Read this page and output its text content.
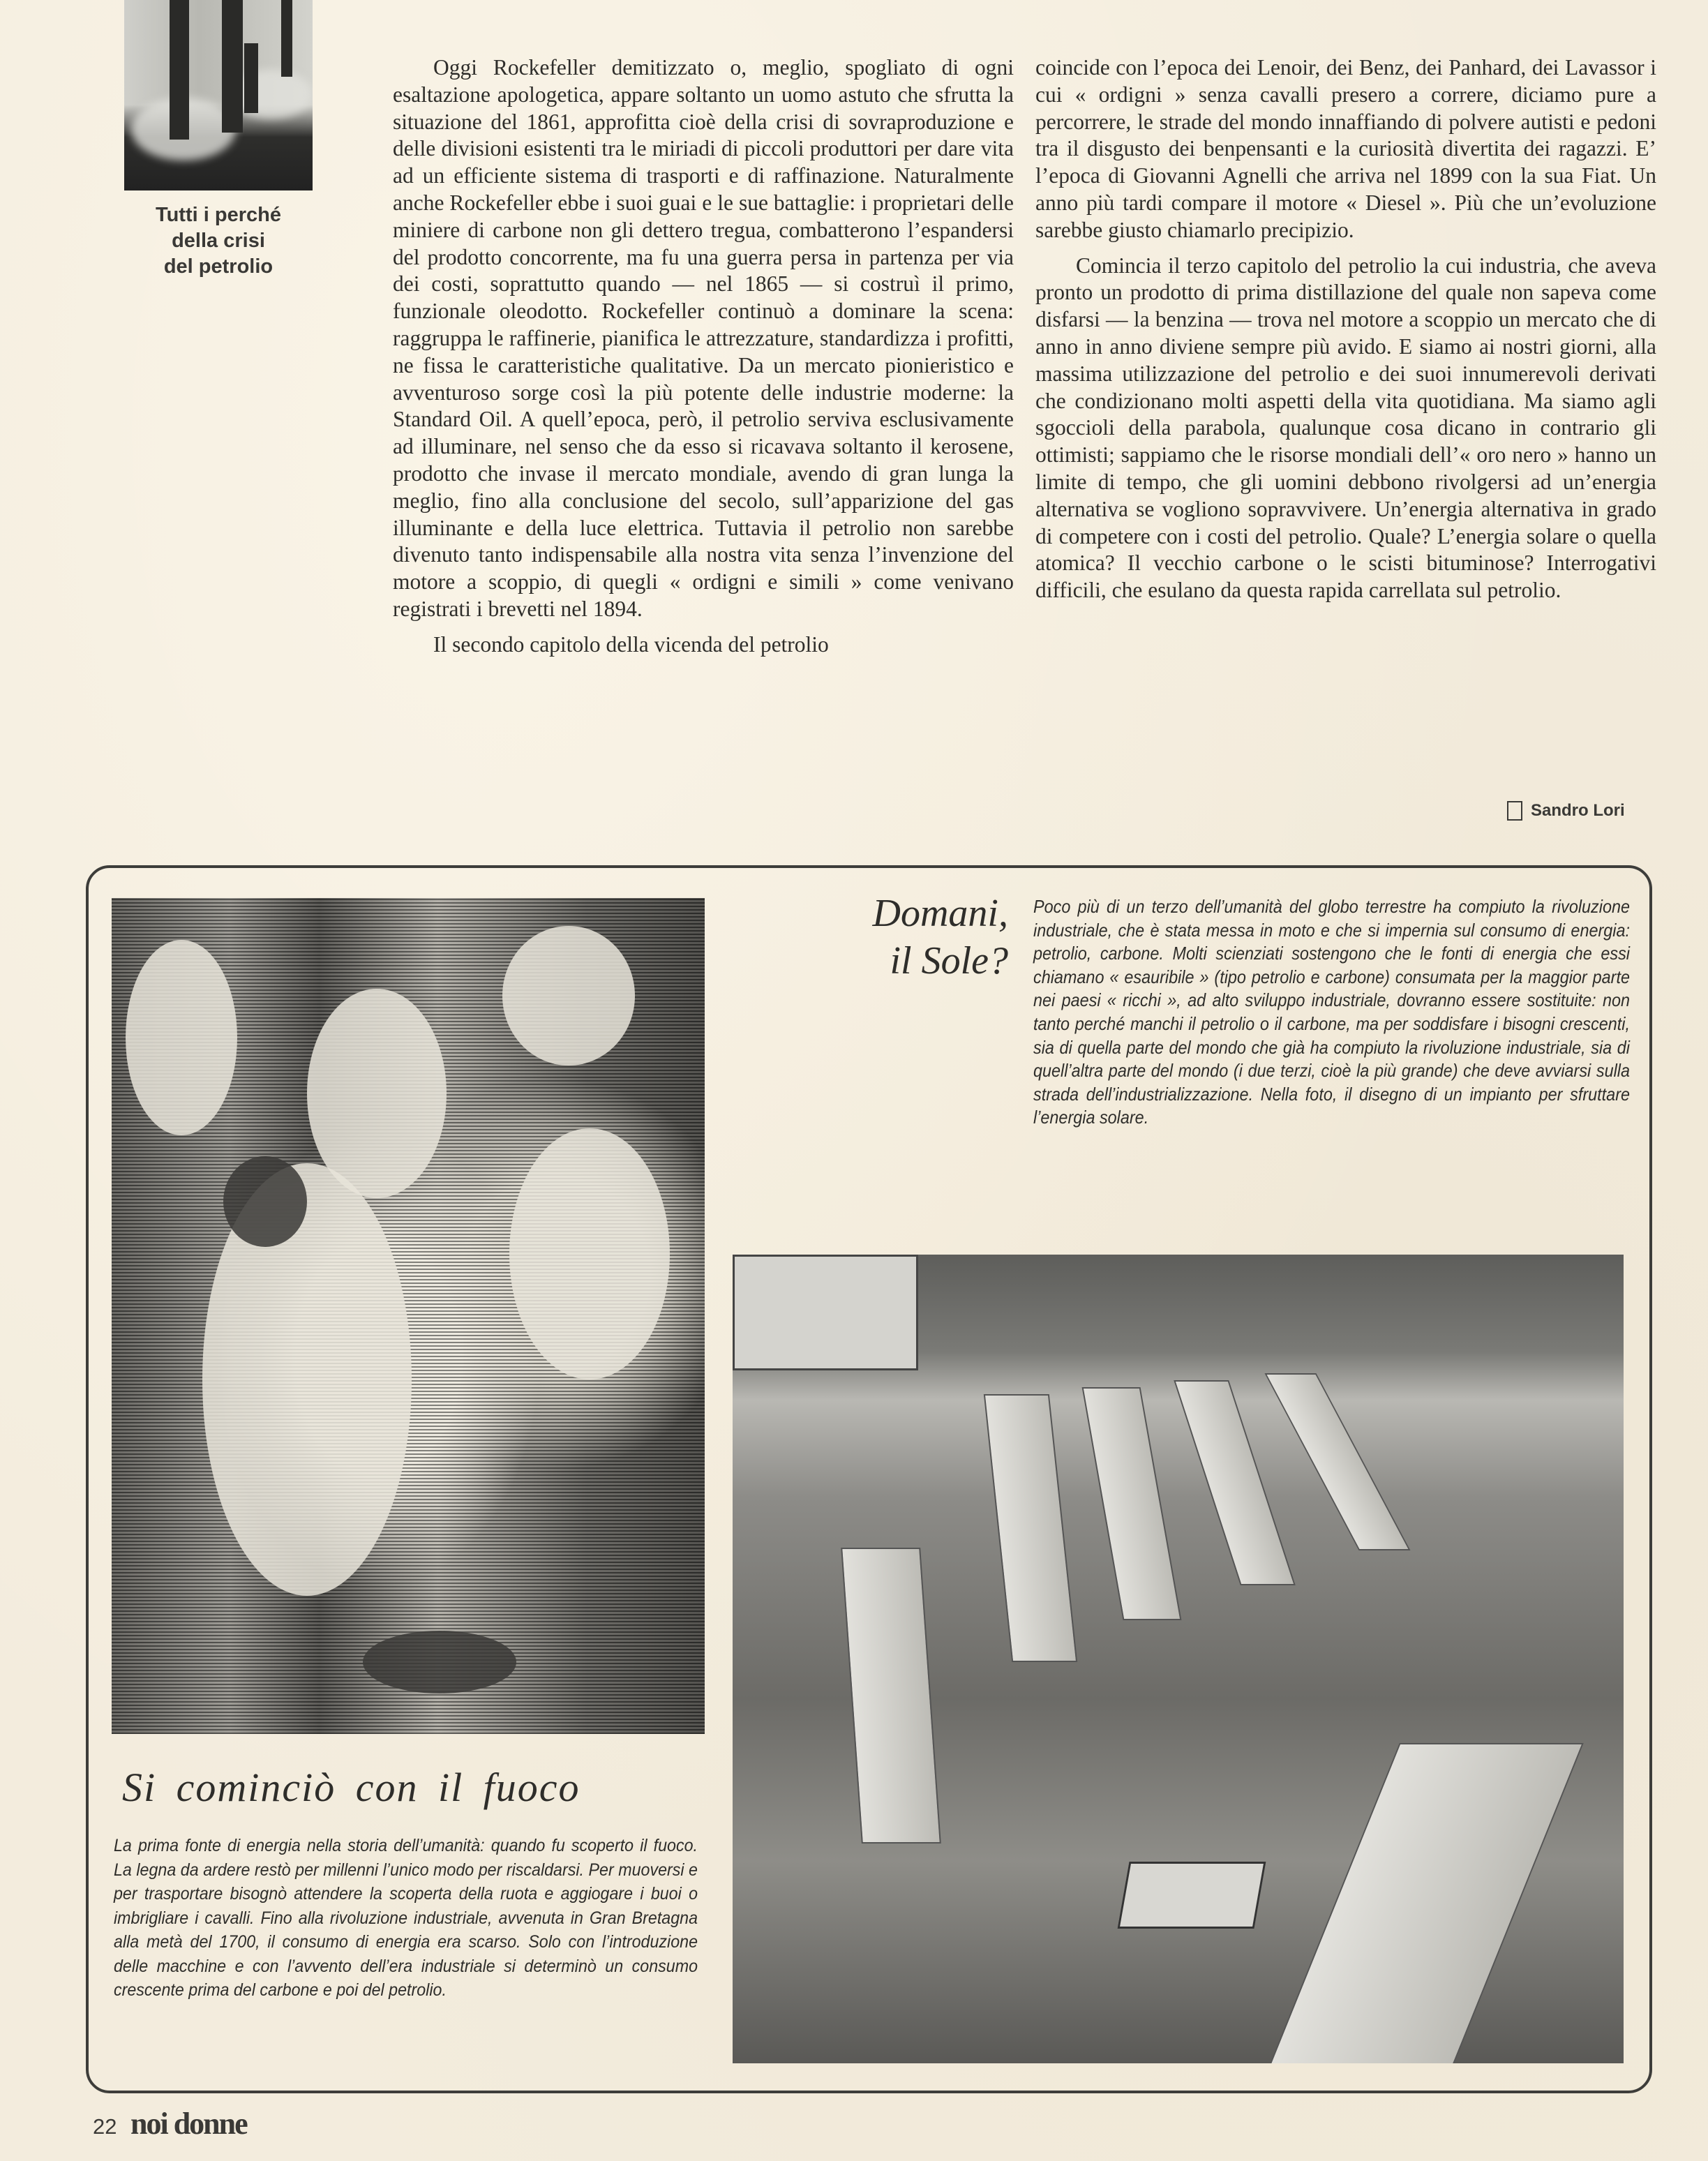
Tutti i perché
della crisi
del petrolio

Oggi Rockefeller demitizzato o, meglio, spogliato di ogni esaltazione apologetica, appare soltanto un uomo astuto che sfrutta la situazione del 1861, approfitta cioè della crisi di sovraproduzione e delle divisioni esistenti tra le miriadi di piccoli produttori per dare vita ad un efficiente sistema di trasporti e di raffinazione. Naturalmente anche Rockefeller ebbe i suoi guai e le sue battaglie: i proprietari delle miniere di carbone non gli dettero tregua, combatterono l’espandersi del prodotto concorrente, ma fu una guerra persa in partenza per via dei costi, soprattutto quando — nel 1865 — si costruì il primo, funzionale oleodotto. Rockefeller continuò a dominare la scena: raggruppa le raffinerie, pianifica le attrezzature, standardizza i profitti, ne fissa le caratteristiche qualitative. Da un mercato pionieristico e avventuroso sorge così la più potente delle industrie moderne: la Standard Oil. A quell’epoca, però, il petrolio serviva esclusivamente ad illuminare, nel senso che da esso si ricavava soltanto il kerosene, prodotto che invase il mercato mondiale, avendo di gran lunga la meglio, fino alla conclusione del secolo, sull’apparizione del gas illuminante e della luce elettrica. Tuttavia il petrolio non sarebbe divenuto tanto indispensabile alla nostra vita senza l’invenzione del motore a scoppio, di quegli « ordigni e simili » come venivano registrati i brevetti nel 1894.

Il secondo capitolo della vicenda del petrolio

coincide con l’epoca dei Lenoir, dei Benz, dei Panhard, dei Lavassor i cui « ordigni » senza cavalli presero a correre, diciamo pure a percorrere, le strade del mondo innaffiando di polvere autisti e pedoni tra il disgusto dei benpensanti e la curiosità divertita dei ragazzi. E’ l’epoca di Giovanni Agnelli che arriva nel 1899 con la sua Fiat. Un anno più tardi compare il motore « Diesel ». Più che un’evoluzione sarebbe giusto chiamarlo precipizio.

Comincia il terzo capitolo del petrolio la cui industria, che aveva pronto un prodotto di prima distillazione del quale non sapeva come disfarsi — la benzina — trova nel motore a scoppio un mercato che di anno in anno diviene sempre più avido. E siamo ai nostri giorni, alla massima utilizzazione del petrolio e dei suoi innumerevoli derivati che condizionano molti aspetti della vita quotidiana. Ma siamo agli sgoccioli della parabola, qualunque cosa dicano in contrario gli ottimisti; sappiamo che le risorse mondiali dell’« oro nero » hanno un limite di tempo, che gli uomini debbono rivolgersi ad un’energia alternativa se vogliono sopravvivere. Un’energia alternativa in grado di competere con i costi del petrolio. Quale? L’energia solare o quella atomica? Il vecchio carbone o le scisti bituminose? Interrogativi difficili, che esulano da questa rapida carrellata sul petrolio.

Sandro Lori
Si cominciò con il fuoco
La prima fonte di energia nella storia dell’umanità: quando fu scoperto il fuoco. La legna da ardere restò per millenni l’unico modo per riscaldarsi. Per muoversi e per trasportare bisognò attendere la scoperta della ruota e aggiogare i buoi o imbrigliare i cavalli. Fino alla rivoluzione industriale, avvenuta in Gran Bretagna alla metà del 1700, il consumo di energia era scarso. Solo con l’introduzione delle macchine e con l’avvento dell’era industriale si determinò un consumo crescente prima del carbone e poi del petrolio.
Domani,
il Sole?
Poco più di un terzo dell’umanità del globo terrestre ha compiuto la rivoluzione industriale, che è stata messa in moto e che si impernia sul consumo di energia: petrolio, carbone. Molti scienziati sostengono che le fonti di energia che essi chiamano « esauribile » (tipo petrolio e carbone) consumata per la maggior parte nei paesi « ricchi », ad alto sviluppo industriale, dovranno essere sostituite: non tanto perché manchi il petrolio o il carbone, ma per soddisfare i bisogni crescenti, sia di quella parte del mondo che già ha compiuto la rivoluzione industriale, sia di quell’altra parte del mondo (i due terzi, cioè la più grande) che deve avviarsi sulla strada dell’industrializzazione. Nella foto, il disegno di un impianto per sfruttare l’energia solare.
22 noi donne
